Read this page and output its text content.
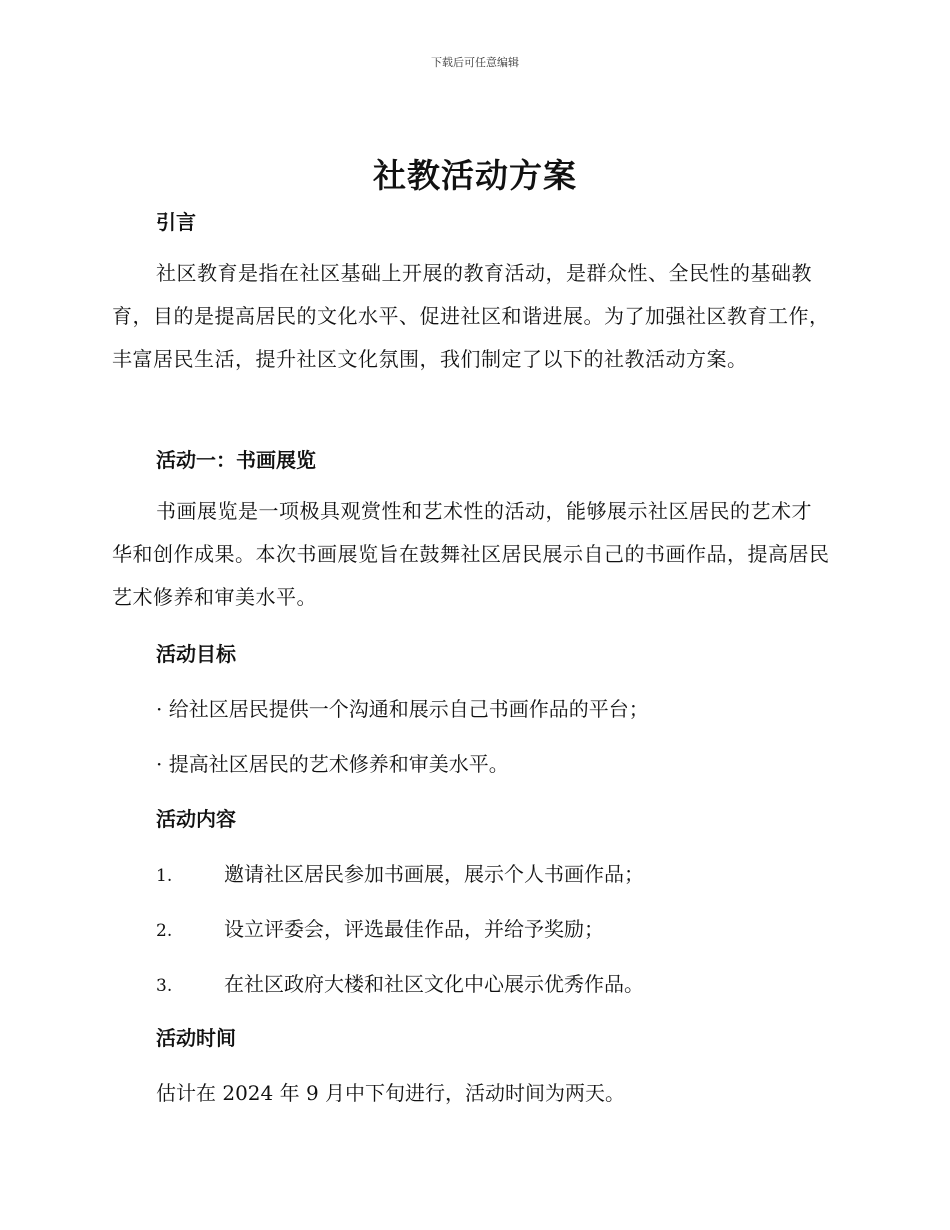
下载后可任意编辑
社教活动方案
引言
社区教育是指在社区基础上开展的教育活动，是群众性、全民性的基础教育，目的是提高居民的文化水平、促进社区和谐进展。为了加强社区教育工作，丰富居民生活，提升社区文化氛围，我们制定了以下的社教活动方案。
活动一：书画展览
书画展览是一项极具观赏性和艺术性的活动，能够展示社区居民的艺术才华和创作成果。本次书画展览旨在鼓舞社区居民展示自己的书画作品，提高居民艺术修养和审美水平。
活动目标
· 给社区居民提供一个沟通和展示自己书画作品的平台；
· 提高社区居民的艺术修养和审美水平。
活动内容
1.	邀请社区居民参加书画展，展示个人书画作品；
2.	设立评委会，评选最佳作品，并给予奖励；
3.	在社区政府大楼和社区文化中心展示优秀作品。
活动时间
估计在 2024 年 9 月中下旬进行，活动时间为两天。
